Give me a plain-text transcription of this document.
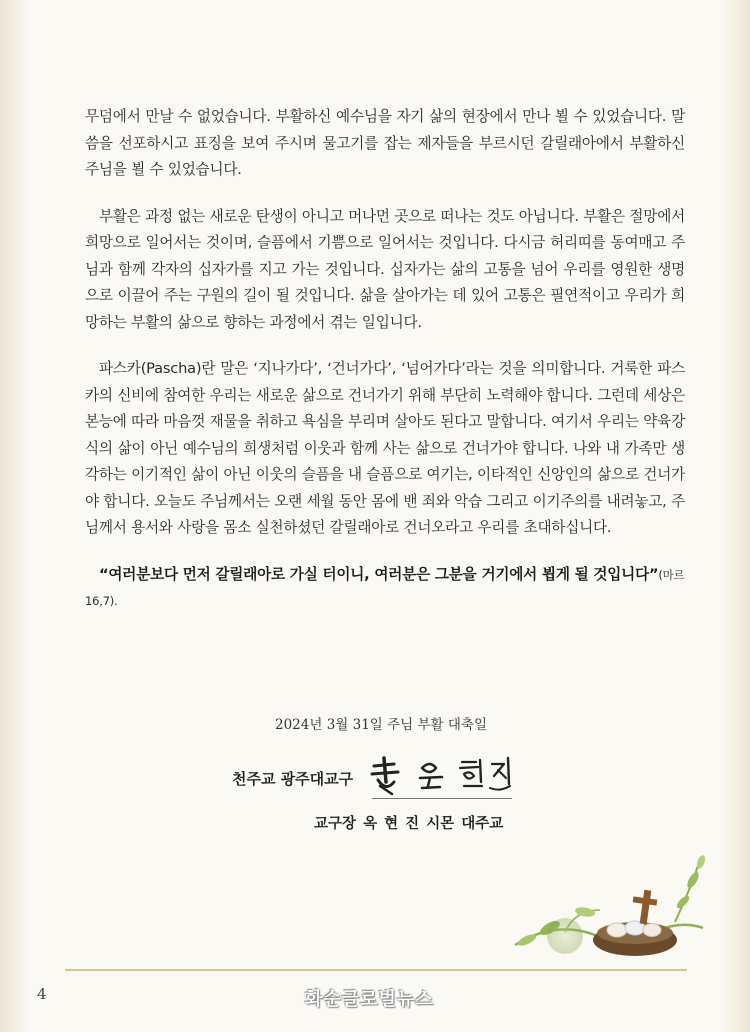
무덤에서 만날 수 없었습니다. 부활하신 예수님을 자기 삶의 현장에서 만나 뵐 수 있었습니다. 말씀을 선포하시고 표징을 보여 주시며 물고기를 잡는 제자들을 부르시던 갈릴래아에서 부활하신 주님을 뵐 수 있었습니다.

부활은 과정 없는 새로운 탄생이 아니고 머나먼 곳으로 떠나는 것도 아닙니다. 부활은 절망에서 희망으로 일어서는 것이며, 슬픔에서 기쁨으로 일어서는 것입니다. 다시금 허리띠를 동여매고 주님과 함께 각자의 십자가를 지고 가는 것입니다. 십자가는 삶의 고통을 넘어 우리를 영원한 생명으로 이끌어 주는 구원의 길이 될 것입니다. 삶을 살아가는 데 있어 고통은 필연적이고 우리가 희망하는 부활의 삶으로 향하는 과정에서 겪는 일입니다.

파스카(Pascha)란 말은 ‘지나가다’, ‘건너가다’, ‘넘어가다’라는 것을 의미합니다. 거룩한 파스카의 신비에 참여한 우리는 새로운 삶으로 건너가기 위해 부단히 노력해야 합니다. 그런데 세상은 본능에 따라 마음껏 재물을 취하고 욕심을 부리며 살아도 된다고 말합니다. 여기서 우리는 약육강식의 삶이 아닌 예수님의 희생처럼 이웃과 함께 사는 삶으로 건너가야 합니다. 나와 내 가족만 생각하는 이기적인 삶이 아닌 이웃의 슬픔을 내 슬픔으로 여기는, 이타적인 신앙인의 삶으로 건너가야 합니다. 오늘도 주님께서는 오랜 세월 동안 몸에 밴 죄와 악습 그리고 이기주의를 내려놓고, 주님께서 용서와 사랑을 몸소 실천하셨던 갈릴래아로 건너오라고 우리를 초대하십니다.

“여러분보다 먼저 갈릴래아로 가실 터이니, 여러분은 그분을 거기에서 뵙게 될 것입니다”(마르 16,7).

2024년 3월 31일 주님 부활 대축일
천주교 광주대교구
교구장 옥 현 진 시몬 대주교
4	화순글로벌뉴스
